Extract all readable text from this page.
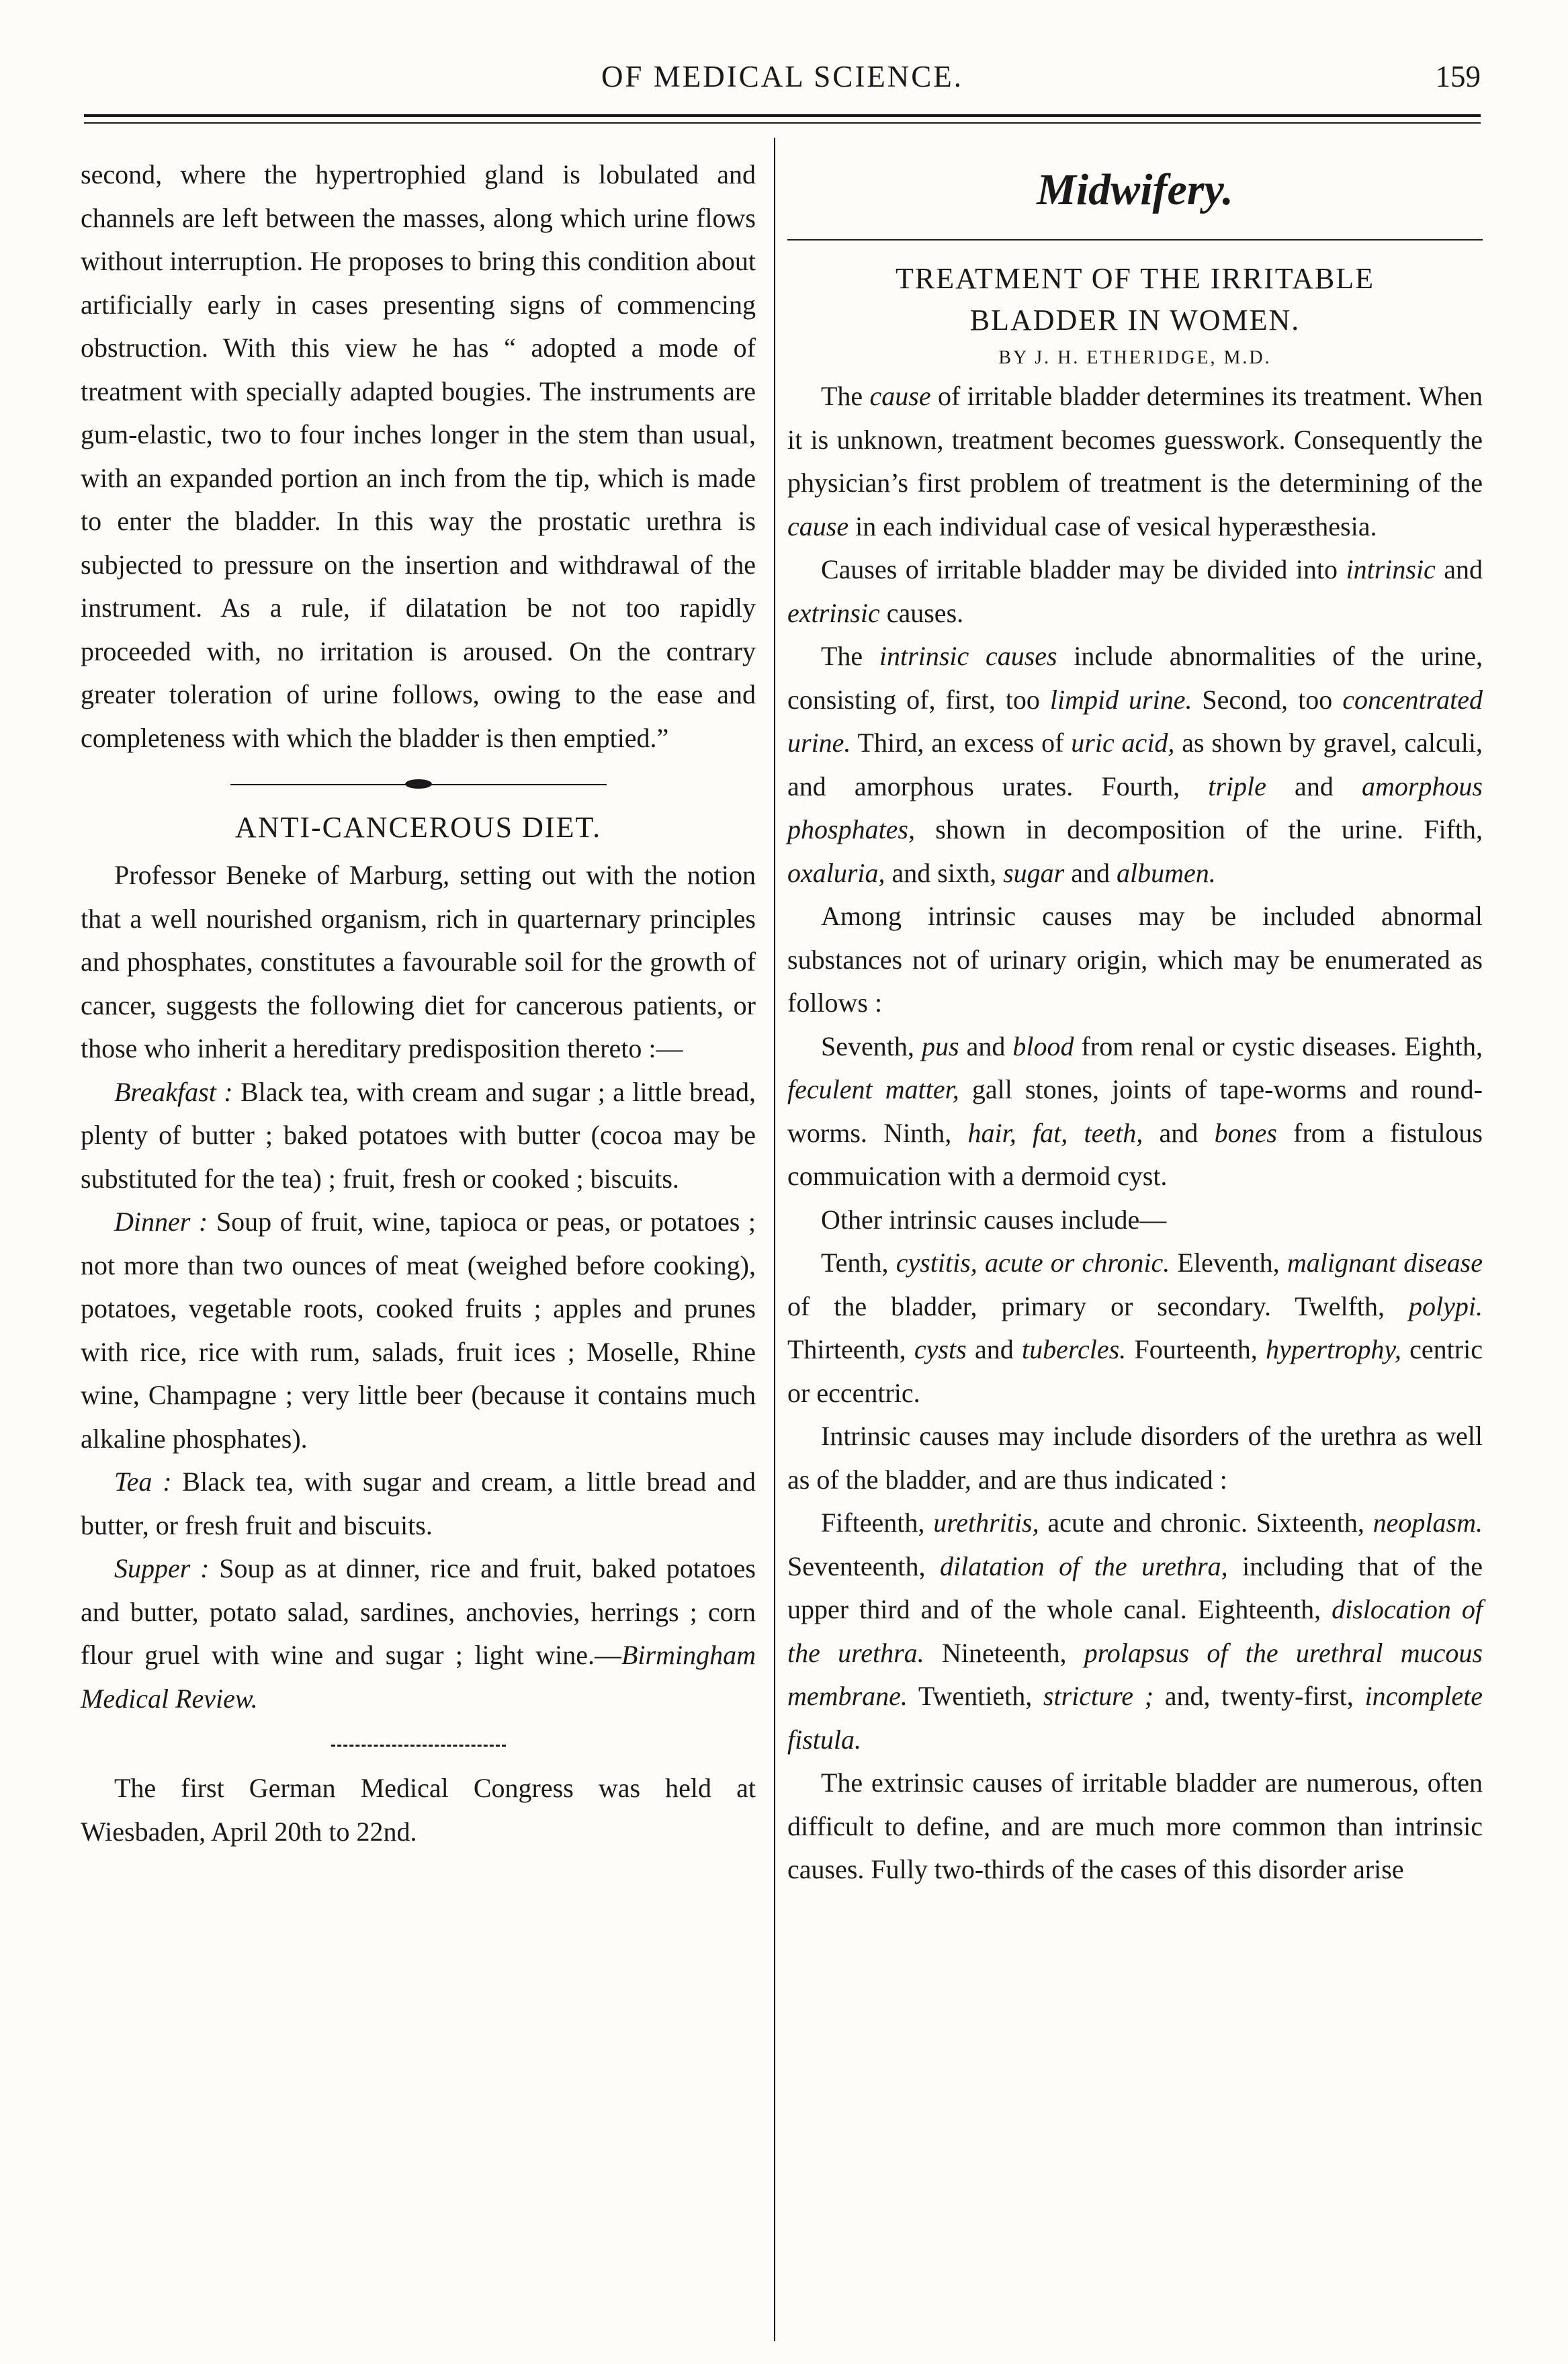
OF MEDICAL SCIENCE.	159

second, where the hypertrophied gland is lobulated and channels are left between the masses, along which urine flows without interruption. He proposes to bring this condition about artificially early in cases presenting signs of commencing obstruction. With this view he has “ adopted a mode of treatment with specially adapted bougies. The instruments are gum-elastic, two to four inches longer in the stem than usual, with an expanded portion an inch from the tip, which is made to enter the bladder. In this way the prostatic urethra is subjected to pressure on the insertion and withdrawal of the instrument. As a rule, if dilatation be not too rapidly proceeded with, no irritation is aroused. On the contrary greater toleration of urine follows, owing to the ease and completeness with which the bladder is then emptied.”

ANTI-CANCEROUS DIET.

Professor Beneke of Marburg, setting out with the notion that a well nourished organism, rich in quarternary principles and phosphates, constitutes a favourable soil for the growth of cancer, suggests the following diet for cancerous patients, or those who inherit a hereditary predisposition thereto :—

Breakfast : Black tea, with cream and sugar ; a little bread, plenty of butter ; baked potatoes with butter (cocoa may be substituted for the tea) ; fruit, fresh or cooked ; biscuits.

Dinner : Soup of fruit, wine, tapioca or peas, or potatoes ; not more than two ounces of meat (weighed before cooking), potatoes, vegetable roots, cooked fruits ; apples and prunes with rice, rice with rum, salads, fruit ices ; Moselle, Rhine wine, Champagne ; very little beer (because it contains much alkaline phosphates).

Tea : Black tea, with sugar and cream, a little bread and butter, or fresh fruit and biscuits.

Supper : Soup as at dinner, rice and fruit, baked potatoes and butter, potato salad, sardines, anchovies, herrings ; corn flour gruel with wine and sugar ; light wine.—Birmingham Medical Review.

The first German Medical Congress was held at Wiesbaden, April 20th to 22nd.

Midwifery.

TREATMENT OF THE IRRITABLE

BLADDER IN WOMEN.

BY J. H. ETHERIDGE, M.D.

The cause of irritable bladder determines its treatment. When it is unknown, treatment becomes guesswork. Consequently the physician’s first problem of treatment is the determining of the cause in each individual case of vesical hyperæsthesia.

Causes of irritable bladder may be divided into intrinsic and extrinsic causes.

The intrinsic causes include abnormalities of the urine, consisting of, first, too limpid urine. Second, too concentrated urine. Third, an excess of uric acid, as shown by gravel, calculi, and amorphous urates. Fourth, triple and amorphous phosphates, shown in decomposition of the urine. Fifth, oxaluria, and sixth, sugar and albumen.

Among intrinsic causes may be included abnormal substances not of urinary origin, which may be enumerated as follows :

Seventh, pus and blood from renal or cystic diseases. Eighth, feculent matter, gall stones, joints of tape-worms and round-worms. Ninth, hair, fat, teeth, and bones from a fistulous commuication with a dermoid cyst.

Other intrinsic causes include—

Tenth, cystitis, acute or chronic. Eleventh, malignant disease of the bladder, primary or secondary. Twelfth, polypi. Thirteenth, cysts and tubercles. Fourteenth, hypertrophy, centric or eccentric.

Intrinsic causes may include disorders of the urethra as well as of the bladder, and are thus indicated :

Fifteenth, urethritis, acute and chronic. Sixteenth, neoplasm. Seventeenth, dilatation of the urethra, including that of the upper third and of the whole canal. Eighteenth, dislocation of the urethra. Nineteenth, prolapsus of the urethral mucous membrane. Twentieth, stricture ; and, twenty-first, incomplete fistula.

The extrinsic causes of irritable bladder are numerous, often difficult to define, and are much more common than intrinsic causes. Fully two-thirds of the cases of this disorder arise
